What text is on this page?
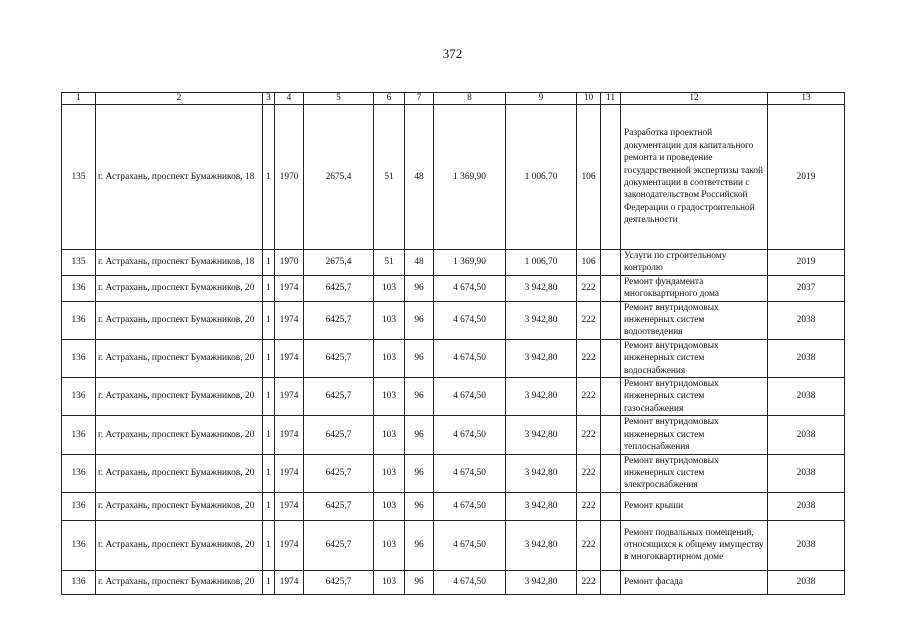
372
1	2	3	4	5	6	7	8	9	10	11	12	13
135	г. Астрахань, проспект Бумажников, 18	1	1970	2675,4	51	48	1 369,90	1 006,70	106		Разработка проектной документации для капитального ремонта и проведение государственной экспертизы такой документации в соответствии с законодательством Российской Федерации о градостроительной деятельности	2019
135	г. Астрахань, проспект Бумажников, 18	1	1970	2675,4	51	48	1 369,90	1 006,70	106		Услуги по строительному контролю	2019
136	г. Астрахань, проспект Бумажников, 20	1	1974	6425,7	103	96	4 674,50	3 942,80	222		Ремонт фундамента многоквартирного дома	2037
136	г. Астрахань, проспект Бумажников, 20	1	1974	6425,7	103	96	4 674,50	3 942,80	222		Ремонт внутридомовых инженерных систем водоотведения	2038
136	г. Астрахань, проспект Бумажников, 20	1	1974	6425,7	103	96	4 674,50	3 942,80	222		Ремонт внутридомовых инженерных систем водоснабжения	2038
136	г. Астрахань, проспект Бумажников, 20	1	1974	6425,7	103	96	4 674,50	3 942,80	222		Ремонт внутридомовых инженерных систем газоснабжения	2038
136	г. Астрахань, проспект Бумажников, 20	1	1974	6425,7	103	96	4 674,50	3 942,80	222		Ремонт внутридомовых инженерных систем теплоснабжения	2038
136	г. Астрахань, проспект Бумажников, 20	1	1974	6425,7	103	96	4 674,50	3 942,80	222		Ремонт внутридомовых инженерных систем электроснабжения	2038
136	г. Астрахань, проспект Бумажников, 20	1	1974	6425,7	103	96	4 674,50	3 942,80	222		Ремонт крыши	2038
136	г. Астрахань, проспект Бумажников, 20	1	1974	6425,7	103	96	4 674,50	3 942,80	222		Ремонт подвальных помещений, относящихся к общему имуществу в многоквартирном доме	2038
136	г. Астрахань, проспект Бумажников, 20	1	1974	6425,7	103	96	4 674,50	3 942,80	222		Ремонт фасада	2038
